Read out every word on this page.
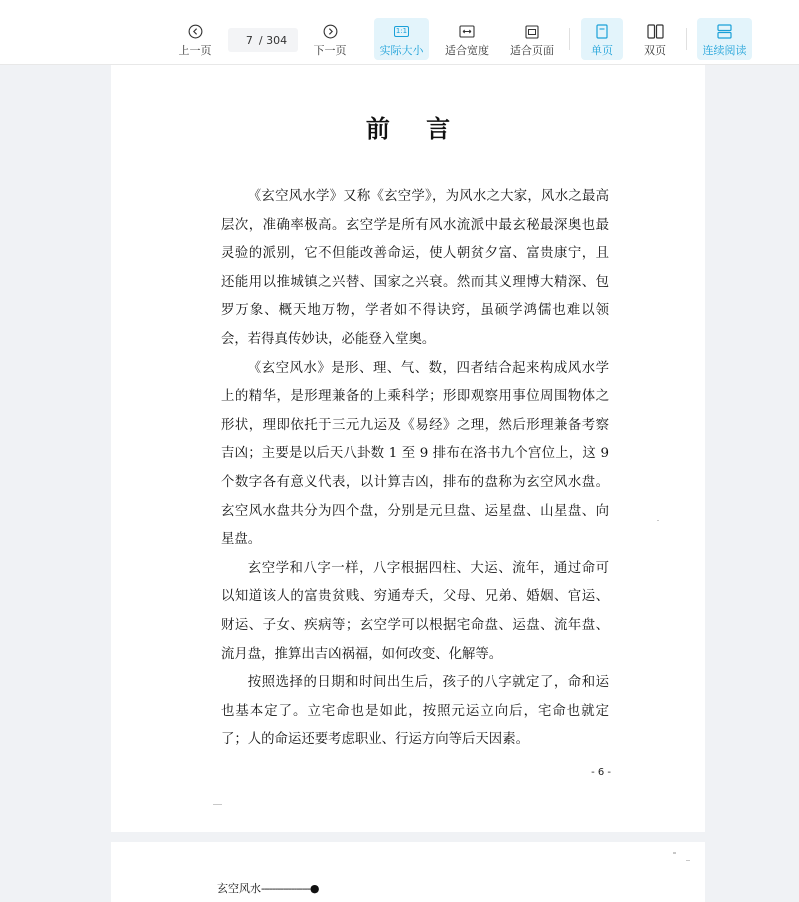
上一页
7
/ 304
下一页
1:1
实际大小 适合宽度 适合页面	单页	双页	连续阅读
前 言

《玄空风水学》又称《玄空学》，为风水之大家，风水之最高层次，准确率极高。玄空学是所有风水流派中最玄秘最深奥也最灵验的派别，它不但能改善命运，使人朝贫夕富、富贵康宁，且还能用以推城镇之兴替、国家之兴衰。然而其义理博大精深、包罗万象、概天地万物，学者如不得诀窍，虽硕学鸿儒也难以领会，若得真传妙诀，必能登入堂奥。

《玄空风水》是形、理、气、数，四者结合起来构成风水学上的精华，是形理兼备的上乘科学；形即观察用事位周围物体之形状，理即依托于三元九运及《易经》之理，然后形理兼备考察吉凶；主要是以后天八卦数 1 至 9 排布在洛书九个宫位上，这 9 个数字各有意义代表，以计算吉凶，排布的盘称为玄空风水盘。玄空风水盘共分为四个盘，分别是元旦盘、运星盘、山星盘、向星盘。

玄空学和八字一样，八字根据四柱、大运、流年，通过命可以知道该人的富贵贫贱、穷通寿夭，父母、兄弟、婚姻、官运、财运、子女、疾病等；玄空学可以根据宅命盘、运盘、流年盘、流月盘，推算出吉凶祸福，如何改变、化解等。

按照选择的日期和时间出生后，孩子的八字就定了，命和运也基本定了。立宅命也是如此，按照元运立向后，宅命也就定了；人的命运还要考虑职业、行运方向等后天因素。

- 6 -
玄空风水------------------●
